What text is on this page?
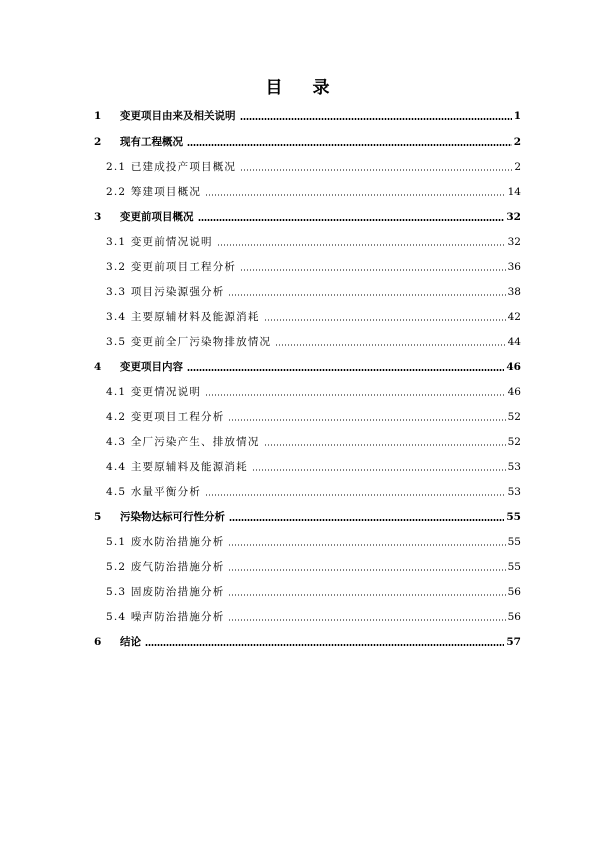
目 录
1	变更项目由来及相关说明	1
2	现有工程概况	2
2.1 已建成投产项目概况	2
2.2 筹建项目概况	14
3	变更前项目概况	32
3.1 变更前情况说明	32
3.2 变更前项目工程分析	36
3.3 项目污染源强分析	38
3.4 主要原辅材料及能源消耗	42
3.5 变更前全厂污染物排放情况	44
4	变更项目内容	46
4.1 变更情况说明	46
4.2 变更项目工程分析	52
4.3 全厂污染产生、排放情况	52
4.4 主要原辅料及能源消耗	53
4.5 水量平衡分析	53
5	污染物达标可行性分析	55
5.1 废水防治措施分析	55
5.2 废气防治措施分析	55
5.3 固废防治措施分析	56
5.4 噪声防治措施分析	56
6	结论	57
